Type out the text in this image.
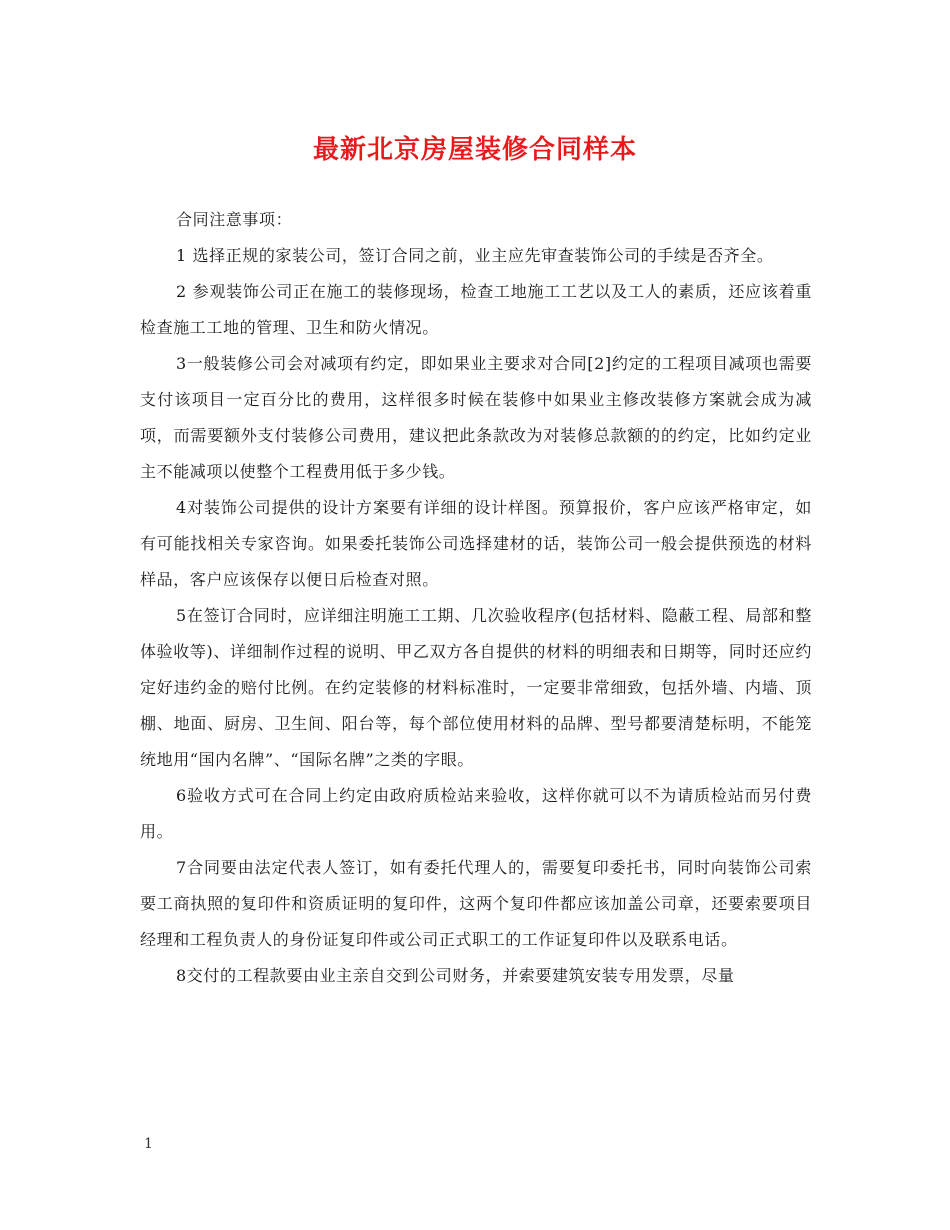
最新北京房屋装修合同样本

合同注意事项：

1 选择正规的家装公司，签订合同之前，业主应先审查装饰公司的手续是否齐全。

2 参观装饰公司正在施工的装修现场，检查工地施工工艺以及工人的素质，还应该着重检查施工工地的管理、卫生和防火情况。

3一般装修公司会对减项有约定，即如果业主要求对合同[2]约定的工程项目减项也需要支付该项目一定百分比的费用，这样很多时候在装修中如果业主修改装修方案就会成为减项，而需要额外支付装修公司费用，建议把此条款改为对装修总款额的的约定，比如约定业主不能减项以使整个工程费用低于多少钱。

4对装饰公司提供的设计方案要有详细的设计样图。预算报价，客户应该严格审定，如有可能找相关专家咨询。如果委托装饰公司选择建材的话，装饰公司一般会提供预选的材料样品，客户应该保存以便日后检查对照。

5在签订合同时，应详细注明施工工期、几次验收程序(包括材料、隐蔽工程、局部和整体验收等)、详细制作过程的说明、甲乙双方各自提供的材料的明细表和日期等，同时还应约定好违约金的赔付比例。在约定装修的材料标准时，一定要非常细致，包括外墙、内墙、顶棚、地面、厨房、卫生间、阳台等，每个部位使用材料的品牌、型号都要清楚标明，不能笼统地用“国内名牌”、“国际名牌”之类的字眼。

6验收方式可在合同上约定由政府质检站来验收，这样你就可以不为请质检站而另付费用。

7合同要由法定代表人签订，如有委托代理人的，需要复印委托书，同时向装饰公司索要工商执照的复印件和资质证明的复印件，这两个复印件都应该加盖公司章，还要索要项目经理和工程负责人的身份证复印件或公司正式职工的工作证复印件以及联系电话。

8交付的工程款要由业主亲自交到公司财务，并索要建筑安装专用发票，尽量

1
